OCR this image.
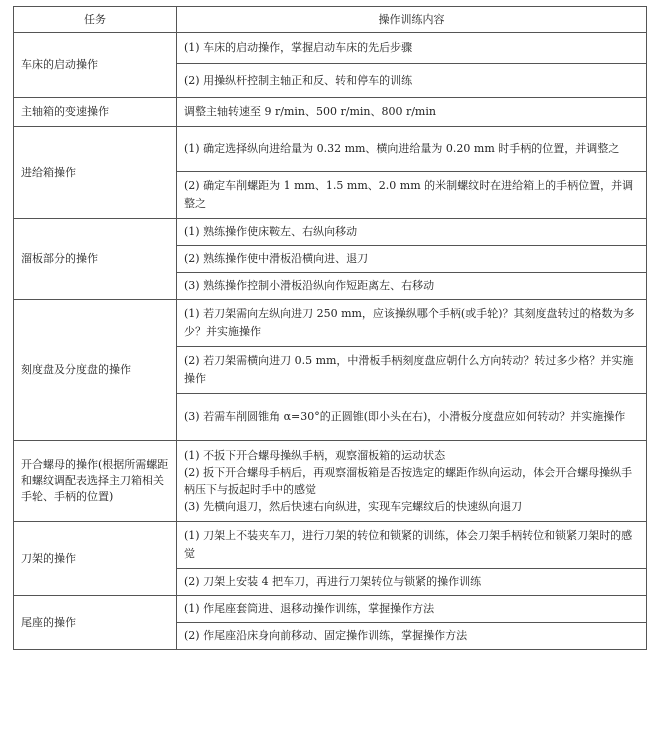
任务	操作训练内容
车床的启动操作	(1) 车床的启动操作，掌握启动车床的先后步骤
	(2) 用操纵杆控制主轴正和反、转和停车的训练
主轴箱的变速操作	调整主轴转速至 9 r/min、500 r/min、800 r/min
进给箱操作	(1) 确定选择纵向进给量为 0.32 mm、横向进给量为 0.20 mm 时手柄的位置，并调整之
	(2) 确定车削螺距为 1 mm、1.5 mm、2.0 mm 的米制螺纹时在进给箱上的手柄位置，并调整之
溜板部分的操作	(1) 熟练操作使床鞍左、右纵向移动
	(2) 熟练操作使中滑板沿横向进、退刀
	(3) 熟练操作控制小滑板沿纵向作短距离左、右移动
刻度盘及分度盘的操作	(1) 若刀架需向左纵向进刀 250 mm，应该操纵哪个手柄(或手轮)？其刻度盘转过的格数为多少？并实施操作
	(2) 若刀架需横向进刀 0.5 mm，中滑板手柄刻度盘应朝什么方向转动？转过多少格？并实施操作
	(3) 若需车削圆锥角 α=30°的正圆锥(即小头在右)，小滑板分度盘应如何转动？并实施操作
开合螺母的操作(根据所需螺距和螺纹调配表选择主刀箱相关手轮、手柄的位置)	(1) 不扳下开合螺母操纵手柄，观察溜板箱的运动状态
(2) 扳下开合螺母手柄后，再观察溜板箱是否按选定的螺距作纵向运动，体会开合螺母操纵手柄压下与扳起时手中的感觉
(3) 先横向退刀，然后快速右向纵进，实现车完螺纹后的快速纵向退刀
刀架的操作	(1) 刀架上不装夹车刀，进行刀架的转位和锁紧的训练，体会刀架手柄转位和锁紧刀架时的感觉
	(2) 刀架上安装 4 把车刀，再进行刀架转位与锁紧的操作训练
尾座的操作	(1) 作尾座套筒进、退移动操作训练，掌握操作方法
	(2) 作尾座沿床身向前移动、固定操作训练，掌握操作方法
